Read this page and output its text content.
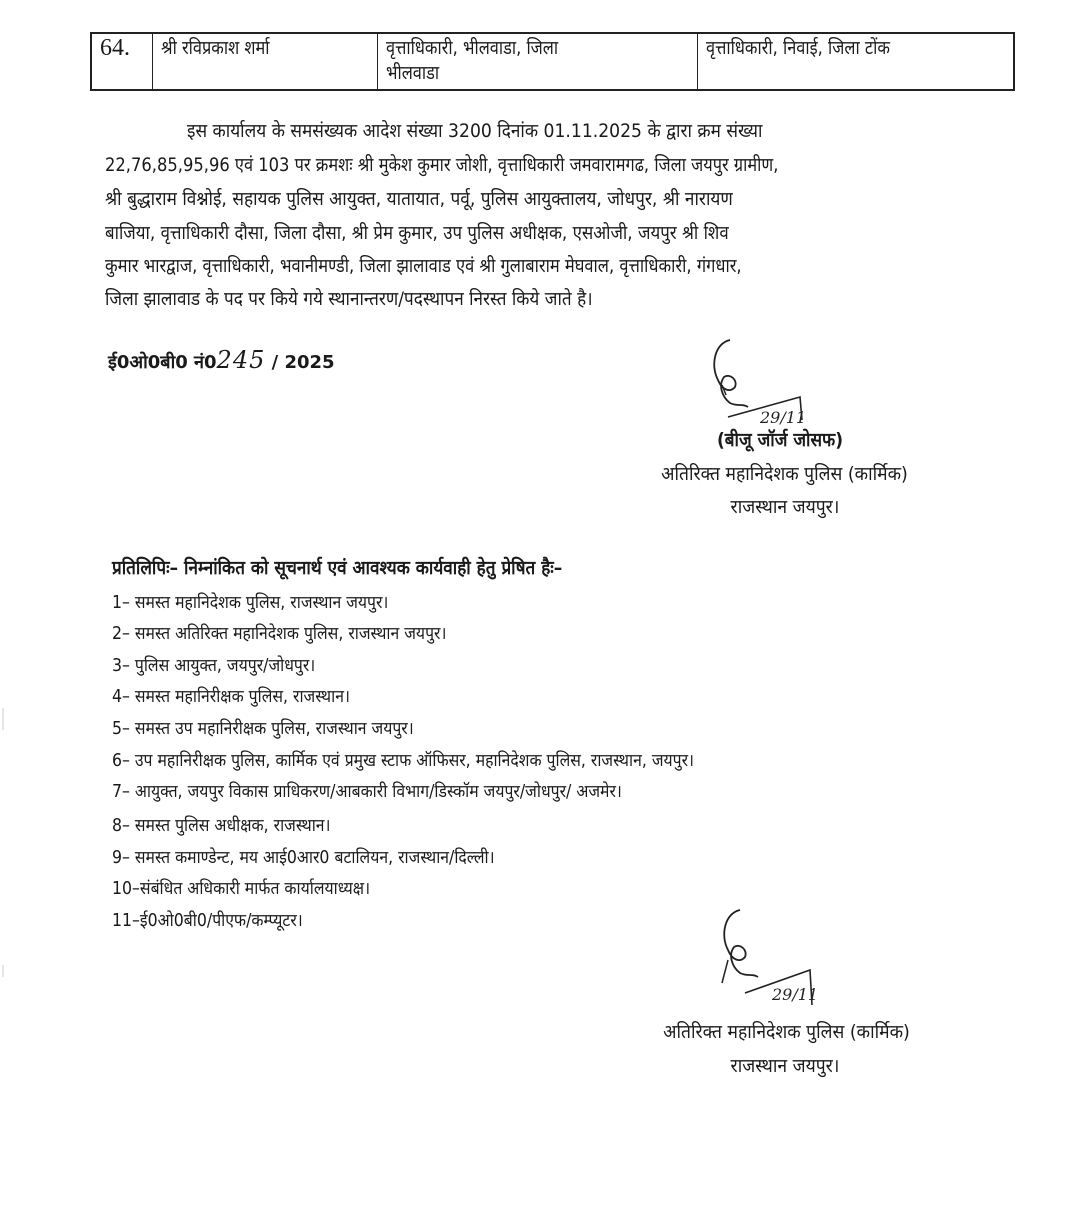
64.	श्री रविप्रकाश शर्मा	वृत्ताधिकारी, भीलवाडा, जिला
भीलवाडा
वृत्ताधिकारी, निवाई, जिला टोंक
इस कार्यालय के समसंख्यक आदेश संख्या 3200 दिनांक 01.11.2025 के द्वारा क्रम संख्या
22,76,85,95,96 एवं 103 पर क्रमशः श्री मुकेश कुमार जोशी, वृत्ताधिकारी जमवारामगढ, जिला जयपुर ग्रामीण,
श्री बुद्धाराम विश्नोई, सहायक पुलिस आयुक्त, यातायात, पर्वू, पुलिस आयुक्तालय, जोधपुर, श्री नारायण
बाजिया, वृत्ताधिकारी दौसा, जिला दौसा, श्री प्रेम कुमार, उप पुलिस अधीक्षक, एसओजी, जयपुर श्री शिव
कुमार भारद्वाज, वृत्ताधिकारी, भवानीमण्डी, जिला झालावाड एवं श्री गुलाबाराम मेघवाल, वृत्ताधिकारी, गंगधार,
जिला झालावाड के पद पर किये गये स्थानान्तरण/पदस्थापन निरस्त किये जाते है।
ई0ओ0बी0 नं0245 / 2025
29/11
(बीजू जॉर्ज जोसफ)
अतिरिक्त महानिदेशक पुलिस (कार्मिक)
राजस्थान जयपुर।
प्रतिलिपिः– निम्नांकित को सूचनार्थ एवं आवश्यक कार्यवाही हेतु प्रेषित हैः–
1– समस्त महानिदेशक पुलिस, राजस्थान जयपुर।
2– समस्त अतिरिक्त महानिदेशक पुलिस, राजस्थान जयपुर।
3– पुलिस आयुक्त, जयपुर/जोधपुर।
4– समस्त महानिरीक्षक पुलिस, राजस्थान।
5– समस्त उप महानिरीक्षक पुलिस, राजस्थान जयपुर।
6– उप महानिरीक्षक पुलिस, कार्मिक एवं प्रमुख स्टाफ ऑफिसर, महानिदेशक पुलिस, राजस्थान, जयपुर।
7– आयुक्त, जयपुर विकास प्राधिकरण/आबकारी विभाग/डिस्कॉम जयपुर/जोधपुर/ अजमेर।
8– समस्त पुलिस अधीक्षक, राजस्थान।
9– समस्त कमाण्डेन्ट, मय आई0आर0 बटालियन, राजस्थान/दिल्ली।
10–संबंधित अधिकारी मार्फत कार्यालयाध्यक्ष।
11–ई0ओ0बी0/पीएफ/कम्प्यूटर।
29/11
अतिरिक्त महानिदेशक पुलिस (कार्मिक)
राजस्थान जयपुर।
